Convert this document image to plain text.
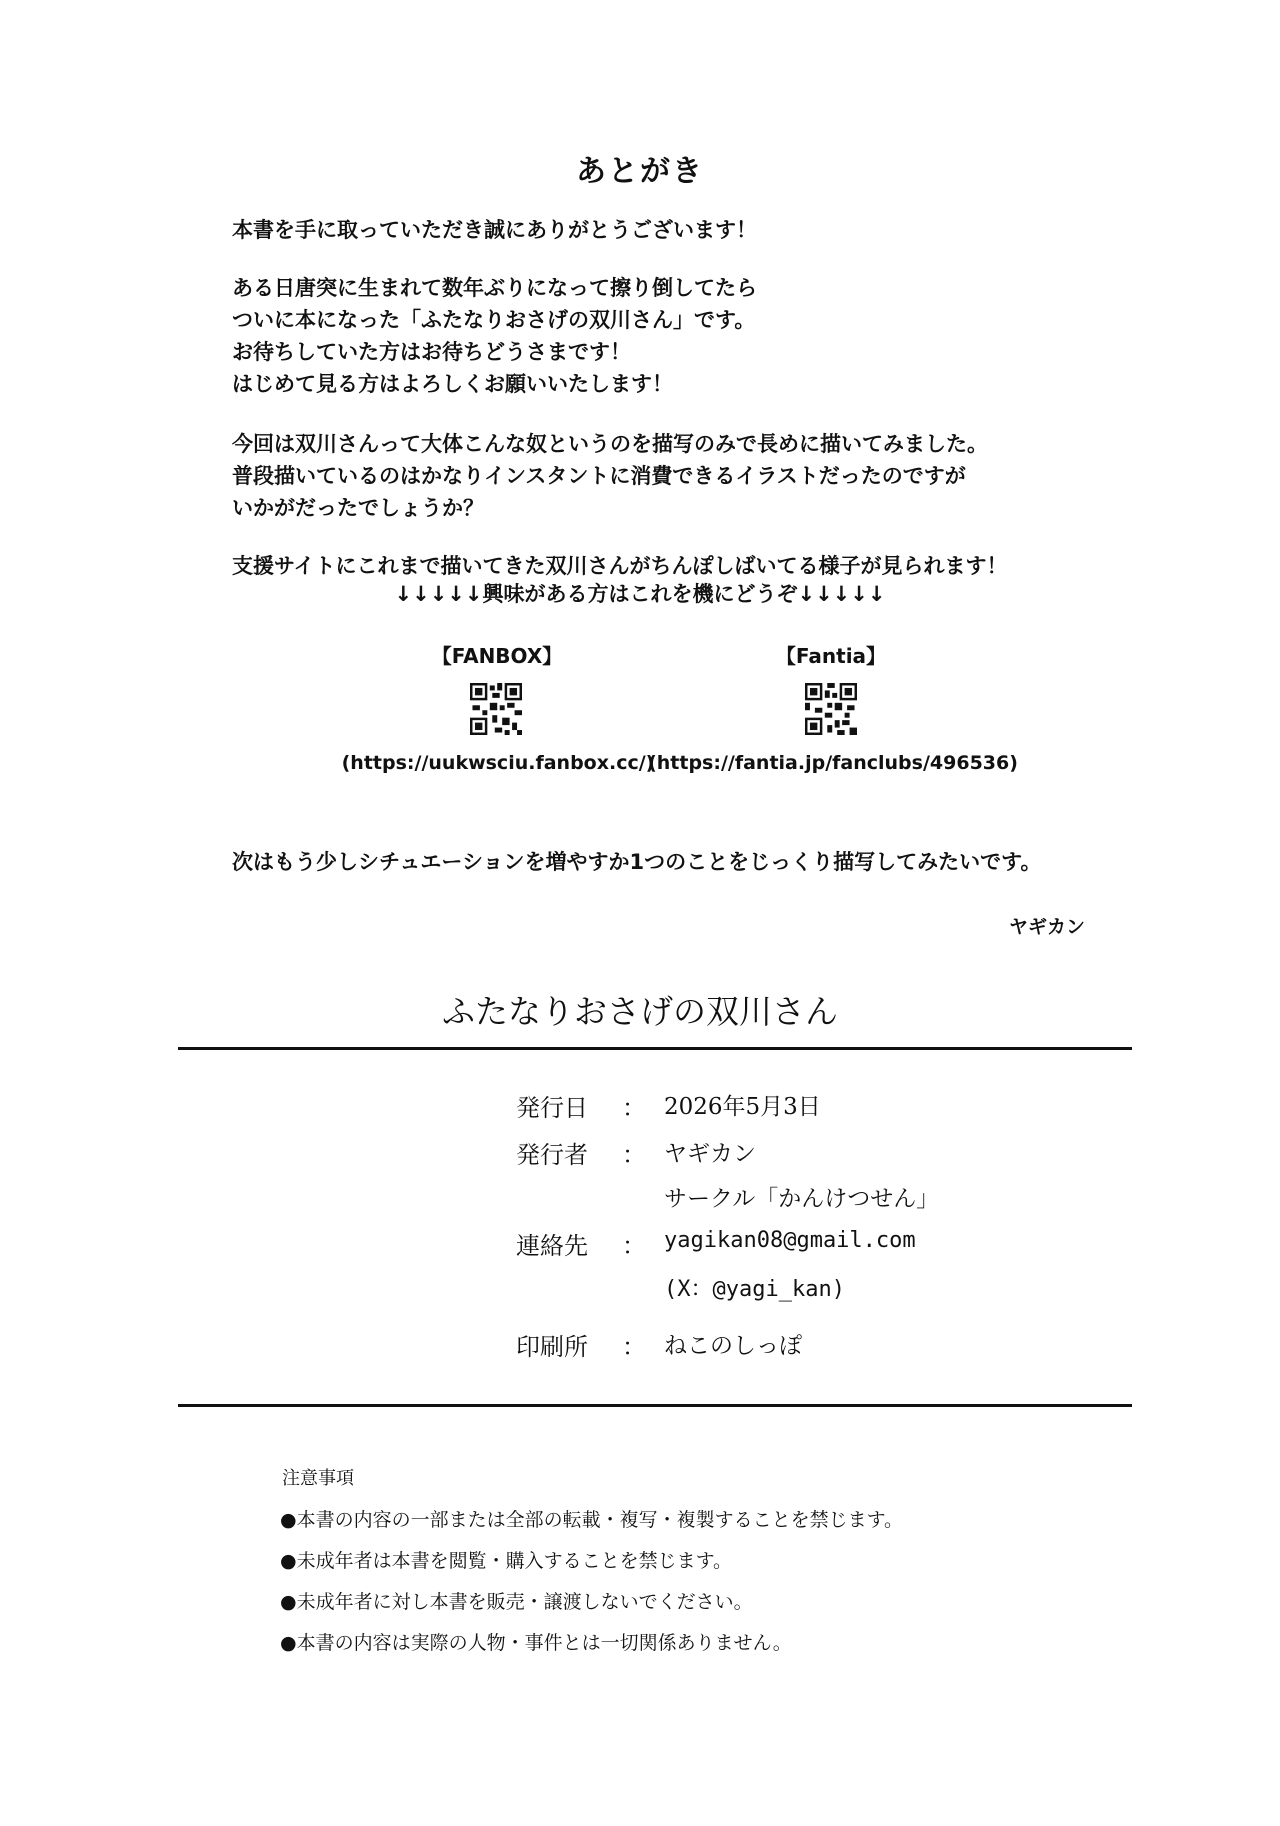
あとがき
本書を手に取っていただき誠にありがとうございます！
ある日唐突に生まれて数年ぶりになって擦り倒してたら
ついに本になった「ふたなりおさげの双川さん」です。
お待ちしていた方はお待ちどうさまです！
はじめて見る方はよろしくお願いいたします！
今回は双川さんって大体こんな奴というのを描写のみで長めに描いてみました。
普段描いているのはかなりインスタントに消費できるイラストだったのですが
いかがだったでしょうか？
支援サイトにこれまで描いてきた双川さんがちんぽしばいてる様子が見られます！
↓↓↓↓↓興味がある方はこれを機にどうぞ↓↓↓↓↓
【FANBOX】
(https://uukwsciu.fanbox.cc/)
【Fantia】
(https://fantia.jp/fanclubs/496536)
次はもう少しシチュエーションを増やすか1つのことをじっくり描写してみたいです。
ヤギカン
ふたなりおさげの双川さん
発行日 ： 2026年5月3日
発行者 ： ヤギカン
サークル「かんけつせん」
連絡先 ： yagikan08@gmail.com
(X：@yagi_kan)
印刷所 ： ねこのしっぽ
注意事項
●本書の内容の一部または全部の転載・複写・複製することを禁じます。
●未成年者は本書を閲覧・購入することを禁じます。
●未成年者に対し本書を販売・譲渡しないでください。
●本書の内容は実際の人物・事件とは一切関係ありません。
